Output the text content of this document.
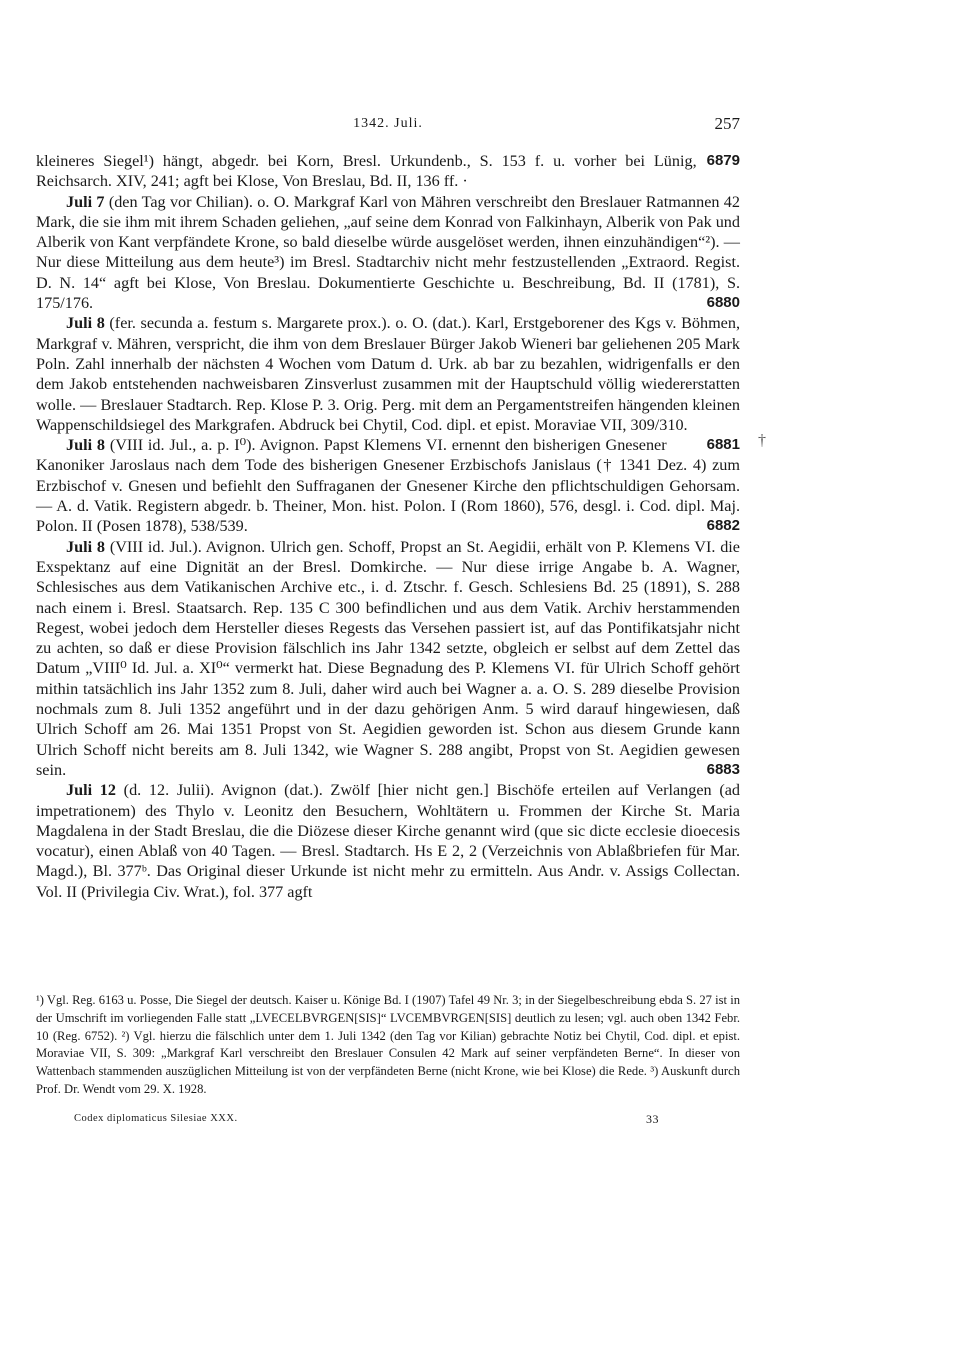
1342. Juli.	257

6879
kleineres Siegel¹) hängt, abgedr. bei Korn, Bresl. Urkundenb., S. 153 f. u. vorher bei Lünig, Reichsarch. XIV, 241; agft bei Klose, Von Breslau, Bd. II, 136 ff. ·

Juli 7 (den Tag vor Chilian). o. O. Markgraf Karl von Mähren verschreibt den Breslauer Ratmannen 42 Mark, die sie ihm mit ihrem Schaden geliehen, „auf seine dem Konrad von Falkinhayn, Alberik von Pak und Alberik von Kant verpfändete Krone, so bald dieselbe würde ausgelöset werden, ihnen einzuhändigen“²). — Nur diese Mitteilung aus dem heute³) im Bresl. Stadtarchiv nicht mehr festzustellenden „Extraord. Regist. D. N. 14“ agft bei Klose, Von Breslau. Dokumentierte Geschichte u. Beschreibung, Bd. II (1781), S. 175/176.	6880

Juli 8 (fer. secunda a. festum s. Margarete prox.). o. O. (dat.). Karl, Erstgeborener des Kgs v. Böhmen, Markgraf v. Mähren, verspricht, die ihm von dem Breslauer Bürger Jakob Wieneri bar geliehenen 205 Mark Poln. Zahl innerhalb der nächsten 4 Wochen vom Datum d. Urk. ab bar zu bezahlen, widrigenfalls er den dem Jakob entstehenden nachweisbaren Zinsverlust zusammen mit der Hauptschuld völlig wiedererstatten wolle. — Breslauer Stadtarch. Rep. Klose P. 3. Orig. Perg. mit dem an Pergamentstreifen hängenden kleinen Wappenschildsiegel des Markgrafen. Abdruck bei Chytil, Cod. dipl. et epist. Moraviae VII, 309/310.
6881

Juli 8 (VIII id. Jul., a. p. I⁰). Avignon. Papst Klemens VI. ernennt den bisherigen Gnesener Kanoniker Jaroslaus nach dem Tode des bisherigen Gnesener Erzbischofs Janislaus († 1341 Dez. 4) zum Erzbischof v. Gnesen und befiehlt den Suffraganen der Gnesener Kirche den pflichtschuldigen Gehorsam. — A. d. Vatik. Registern abgedr. b. Theiner, Mon. hist. Polon. I (Rom 1860), 576, desgl. i. Cod. dipl. Maj. Polon. II (Posen 1878), 538/539.	6882

Juli 8 (VIII id. Jul.). Avignon. Ulrich gen. Schoff, Propst an St. Aegidii, erhält von P. Klemens VI. die Exspektanz auf eine Dignität an der Bresl. Domkirche. — Nur diese irrige Angabe b. A. Wagner, Schlesisches aus dem Vatikanischen Archive etc., i. d. Ztschr. f. Gesch. Schlesiens Bd. 25 (1891), S. 288 nach einem i. Bresl. Staatsarch. Rep. 135 C 300 befindlichen und aus dem Vatik. Archiv herstammenden Regest, wobei jedoch dem Hersteller dieses Regests das Versehen passiert ist, auf das Pontifikatsjahr nicht zu achten, so daß er diese Provision fälschlich ins Jahr 1342 setzte, obgleich er selbst auf dem Zettel das Datum „VIII⁰ Id. Jul. a. XI⁰“ vermerkt hat. Diese Begnadung des P. Klemens VI. für Ulrich Schoff gehört mithin tatsächlich ins Jahr 1352 zum 8. Juli, daher wird auch bei Wagner a. a. O. S. 289 dieselbe Provision nochmals zum 8. Juli 1352 angeführt und in der dazu gehörigen Anm. 5 wird darauf hingewiesen, daß Ulrich Schoff am 26. Mai 1351 Propst von St. Aegidien geworden ist. Schon aus diesem Grunde kann Ulrich Schoff nicht bereits am 8. Juli 1342, wie Wagner S. 288 angibt, Propst von St. Aegidien gewesen sein.	6883

Juli 12 (d. 12. Julii). Avignon (dat.). Zwölf [hier nicht gen.] Bischöfe erteilen auf Verlangen (ad impetrationem) des Thylo v. Leonitz den Besuchern, Wohltätern u. Frommen der Kirche St. Maria Magdalena in der Stadt Breslau, die die Diözese dieser Kirche genannt wird (que sic dicte ecclesie dioecesis vocatur), einen Ablaß von 40 Tagen. — Bresl. Stadtarch. Hs E 2, 2 (Verzeichnis von Ablaßbriefen für Mar. Magd.), Bl. 377ᵇ. Das Original dieser Urkunde ist nicht mehr zu ermitteln. Aus Andr. v. Assigs Collectan. Vol. II (Privilegia Civ. Wrat.), fol. 377 agft

¹) Vgl. Reg. 6163 u. Posse, Die Siegel der deutsch. Kaiser u. Könige Bd. I (1907) Tafel 49 Nr. 3; in der Siegelbeschreibung ebda S. 27 ist in der Umschrift im vorliegenden Falle statt „LVECELBVRGEN[SIS]“ LVCEMBVRGEN[SIS] deutlich zu lesen; vgl. auch oben 1342 Febr. 10 (Reg. 6752). ²) Vgl. hierzu die fälschlich unter dem 1. Juli 1342 (den Tag vor Kilian) gebrachte Notiz bei Chytil, Cod. dipl. et epist. Moraviae VII, S. 309: „Markgraf Karl verschreibt den Breslauer Consulen 42 Mark auf seiner verpfändeten Berne“. In dieser von Wattenbach stammenden auszüglichen Mitteilung ist von der verpfändeten Berne (nicht Krone, wie bei Klose) die Rede. ³) Auskunft durch Prof. Dr. Wendt vom 29. X. 1928.

Codex diplomaticus Silesiae XXX.	33
†
